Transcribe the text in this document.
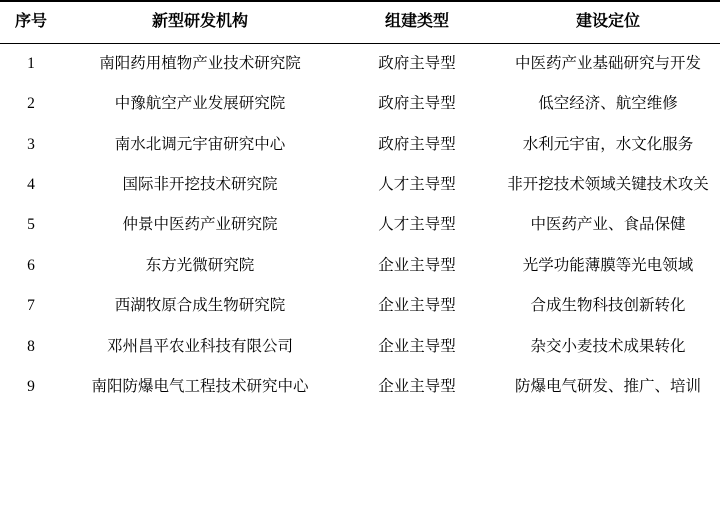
序号	新型研发机构	组建类型	建设定位
1	南阳药用植物产业技术研究院	政府主导型	中医药产业基础研究与开发
2	中豫航空产业发展研究院	政府主导型	低空经济、航空维修
3	南水北调元宇宙研究中心	政府主导型	水利元宇宙，水文化服务
4	国际非开挖技术研究院	人才主导型	非开挖技术领域关键技术攻关
5	仲景中医药产业研究院	人才主导型	中医药产业、食品保健
6	东方光微研究院	企业主导型	光学功能薄膜等光电领域
7	西湖牧原合成生物研究院	企业主导型	合成生物科技创新转化
8	邓州昌平农业科技有限公司	企业主导型	杂交小麦技术成果转化
9	南阳防爆电气工程技术研究中心	企业主导型	防爆电气研发、推广、培训
